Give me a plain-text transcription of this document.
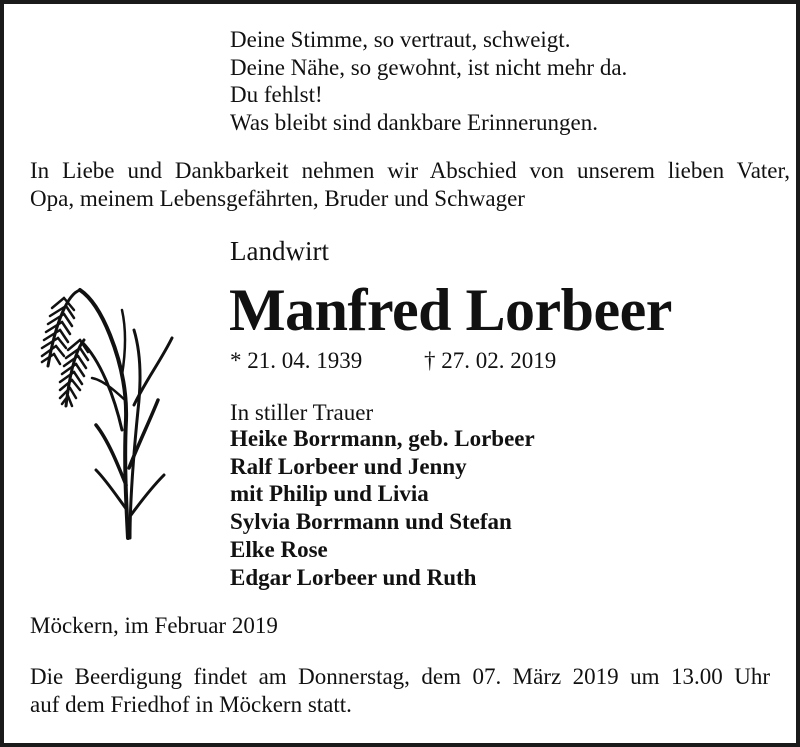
Deine Stimme, so vertraut, schweigt.
Deine Nähe, so gewohnt, ist nicht mehr da.
Du fehlst!
Was bleibt sind dankbare Erinnerungen.
In Liebe und Dankbarkeit nehmen wir Abschied von unserem lieben Vater,
Opa, meinem Lebensgefährten, Bruder und Schwager
Landwirt
Manfred Lorbeer
* 21. 04. 1939	† 27. 02. 2019
In stiller Trauer
Heike Borrmann, geb. Lorbeer
Ralf Lorbeer und Jenny
mit Philip und Livia
Sylvia Borrmann und Stefan
Elke Rose
Edgar Lorbeer und Ruth
Möckern, im Februar 2019
Die Beerdigung findet am Donnerstag, dem 07. März 2019 um 13.00 Uhr
auf dem Friedhof in Möckern statt.
